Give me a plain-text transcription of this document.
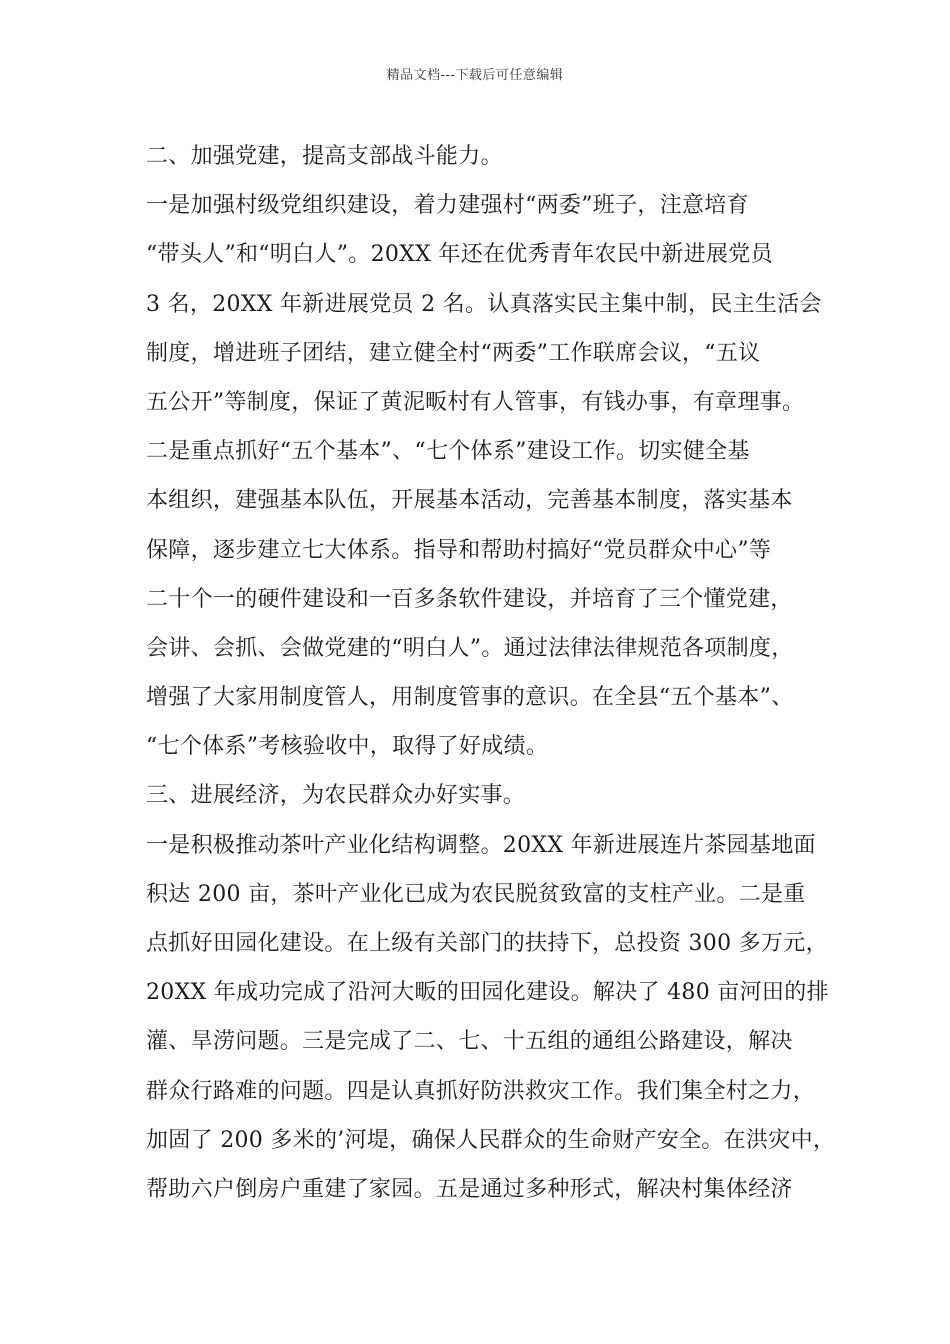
精品文档---下载后可任意编辑
二、加强党建，提高支部战斗能力。
一是加强村级党组织建设，着力建强村“两委”班子，注意培育
“带头人”和“明白人”。20XX 年还在优秀青年农民中新进展党员
3 名，20XX 年新进展党员 2 名。认真落实民主集中制，民主生活会
制度，增进班子团结，建立健全村“两委”工作联席会议，“五议
五公开”等制度，保证了黄泥畈村有人管事，有钱办事，有章理事。
二是重点抓好“五个基本”、“七个体系”建设工作。切实健全基
本组织，建强基本队伍，开展基本活动，完善基本制度，落实基本
保障，逐步建立七大体系。指导和帮助村搞好“党员群众中心”等
二十个一的硬件建设和一百多条软件建设，并培育了三个懂党建，
会讲、会抓、会做党建的“明白人”。通过法律法律规范各项制度，
增强了大家用制度管人，用制度管事的意识。在全县“五个基本”、
“七个体系”考核验收中，取得了好成绩。
三、进展经济，为农民群众办好实事。
一是积极推动茶叶产业化结构调整。20XX 年新进展连片茶园基地面
积达 200 亩，茶叶产业化已成为农民脱贫致富的支柱产业。二是重
点抓好田园化建设。在上级有关部门的扶持下，总投资 300 多万元，
20XX 年成功完成了沿河大畈的田园化建设。解决了 480 亩河田的排
灌、旱涝问题。三是完成了二、七、十五组的通组公路建设，解决
群众行路难的问题。四是认真抓好防洪救灾工作。我们集全村之力，
加固了 200 多米的’河堤，确保人民群众的生命财产安全。在洪灾中，
帮助六户倒房户重建了家园。五是通过多种形式，解决村集体经济
